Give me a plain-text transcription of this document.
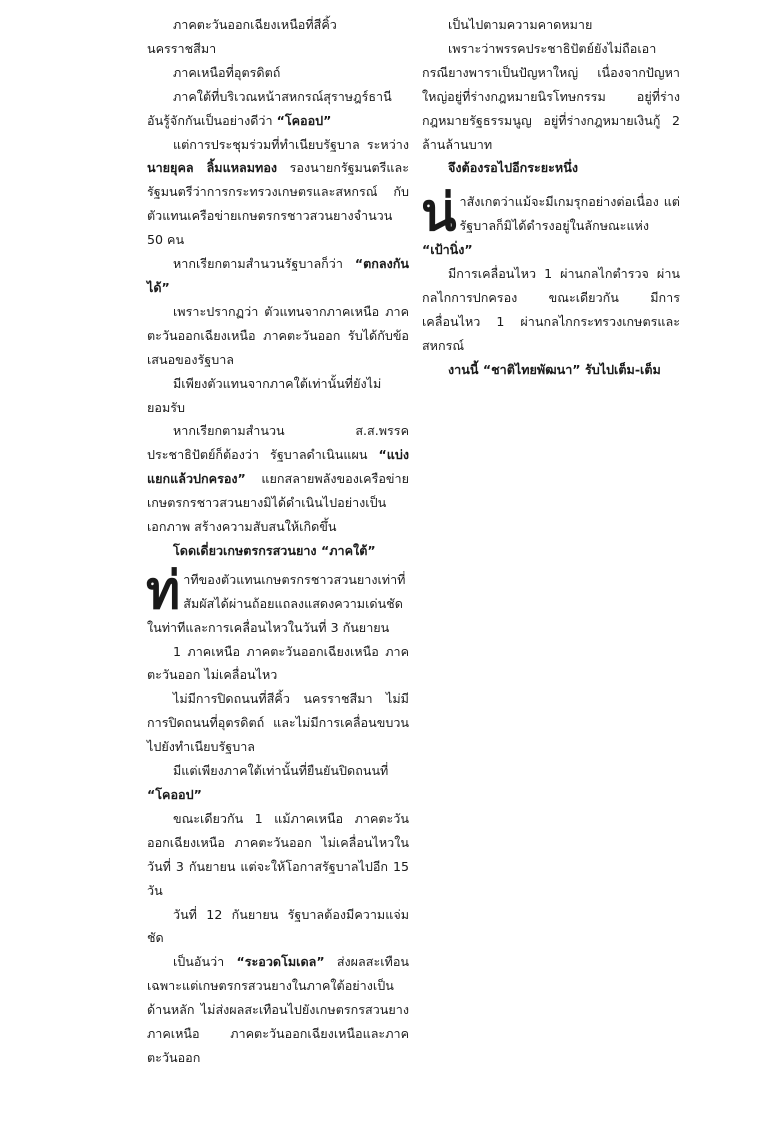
ภาคตะวันออกเฉียงเหนือที่สีคิ้ว นครราชสีมา

ภาคเหนือที่อุตรดิตถ์

ภาคใต้ที่บริเวณหน้าสหกรณ์สุราษฎร์ธานี อันรู้จักกันเป็นอย่างดีว่า “โคออป”

แต่การประชุมร่วมที่ทำเนียบรัฐบาล ระหว่าง นายยุคล ลิ้มแหลมทอง รองนายกรัฐมนตรีและรัฐมนตรีว่าการกระทรวงเกษตรและสหกรณ์ กับตัวแทนเครือข่ายเกษตรกรชาวสวนยางจำนวน 50 คน

หากเรียกตามสำนวนรัฐบาลก็ว่า “ตกลงกันได้”

เพราะปรากฏว่า ตัวแทนจากภาคเหนือ ภาคตะวันออกเฉียงเหนือ ภาคตะวันออก รับได้กับข้อเสนอของรัฐบาล

มีเพียงตัวแทนจากภาคใต้เท่านั้นที่ยังไม่ยอมรับ

หากเรียกตามสำนวน ส.ส.พรรคประชาธิปัตย์ก็ต้องว่า รัฐบาลดำเนินแผน “แบ่งแยกแล้วปกครอง” แยกสลายพลังของเครือข่ายเกษตรกรชาวสวนยางมิได้ดำเนินไปอย่างเป็นเอกภาพ สร้างความสับสนให้เกิดขึ้น

โดดเดี่ยวเกษตรกรสวนยาง “ภาคใต้”

ท่าทีของตัวแทนเกษตรกรชาวสวนยางเท่าที่สัมผัสได้ผ่านถ้อยแถลงแสดงความเด่นชัดในท่าทีและการเคลื่อนไหวในวันที่ 3 กันยายน

1 ภาคเหนือ ภาคตะวันออกเฉียงเหนือ ภาคตะวันออก ไม่เคลื่อนไหว

ไม่มีการปิดถนนที่สีคิ้ว นครราชสีมา ไม่มีการปิดถนนที่อุตรดิตถ์ และไม่มีการเคลื่อนขบวนไปยังทำเนียบรัฐบาล

มีแต่เพียงภาคใต้เท่านั้นที่ยืนยันปิดถนนที่ “โคออป”

ขณะเดียวกัน 1 แม้ภาคเหนือ ภาคตะวันออกเฉียงเหนือ ภาคตะวันออก ไม่เคลื่อนไหวในวันที่ 3 กันยายน แต่จะให้โอกาสรัฐบาลไปอีก 15 วัน

วันที่ 12 กันยายน รัฐบาลต้องมีความแจ่มชัด

เป็นอันว่า “ระอวดโมเดล” ส่งผลสะเทือนเฉพาะแต่เกษตรกรสวนยางในภาคใต้อย่างเป็นด้านหลัก ไม่ส่งผลสะเทือนไปยังเกษตรกรสวนยาง ภาคเหนือ ภาคตะวันออกเฉียงเหนือและภาคตะวันออก

เป็นไปตามความคาดหมาย

เพราะว่าพรรคประชาธิปัตย์ยังไม่ถือเอากรณียางพาราเป็นปัญหาใหญ่ เนื่องจากปัญหาใหญ่อยู่ที่ร่างกฎหมายนิรโทษกรรม อยู่ที่ร่างกฎหมายรัฐธรรมนูญ อยู่ที่ร่างกฎหมายเงินกู้ 2 ล้านล้านบาท

จึงต้องรอไปอีกระยะหนึ่ง

น่าสังเกตว่าแม้จะมีเกมรุกอย่างต่อเนื่อง แต่รัฐบาลก็มิได้ดำรงอยู่ในลักษณะแห่ง “เป้านิ่ง”

มีการเคลื่อนไหว 1 ผ่านกลไกตำรวจ ผ่านกลไกการปกครอง ขณะเดียวกัน มีการเคลื่อนไหว 1 ผ่านกลไกกระทรวงเกษตรและสหกรณ์

งานนี้ “ชาติไทยพัฒนา” รับไปเต็ม-เต็ม
